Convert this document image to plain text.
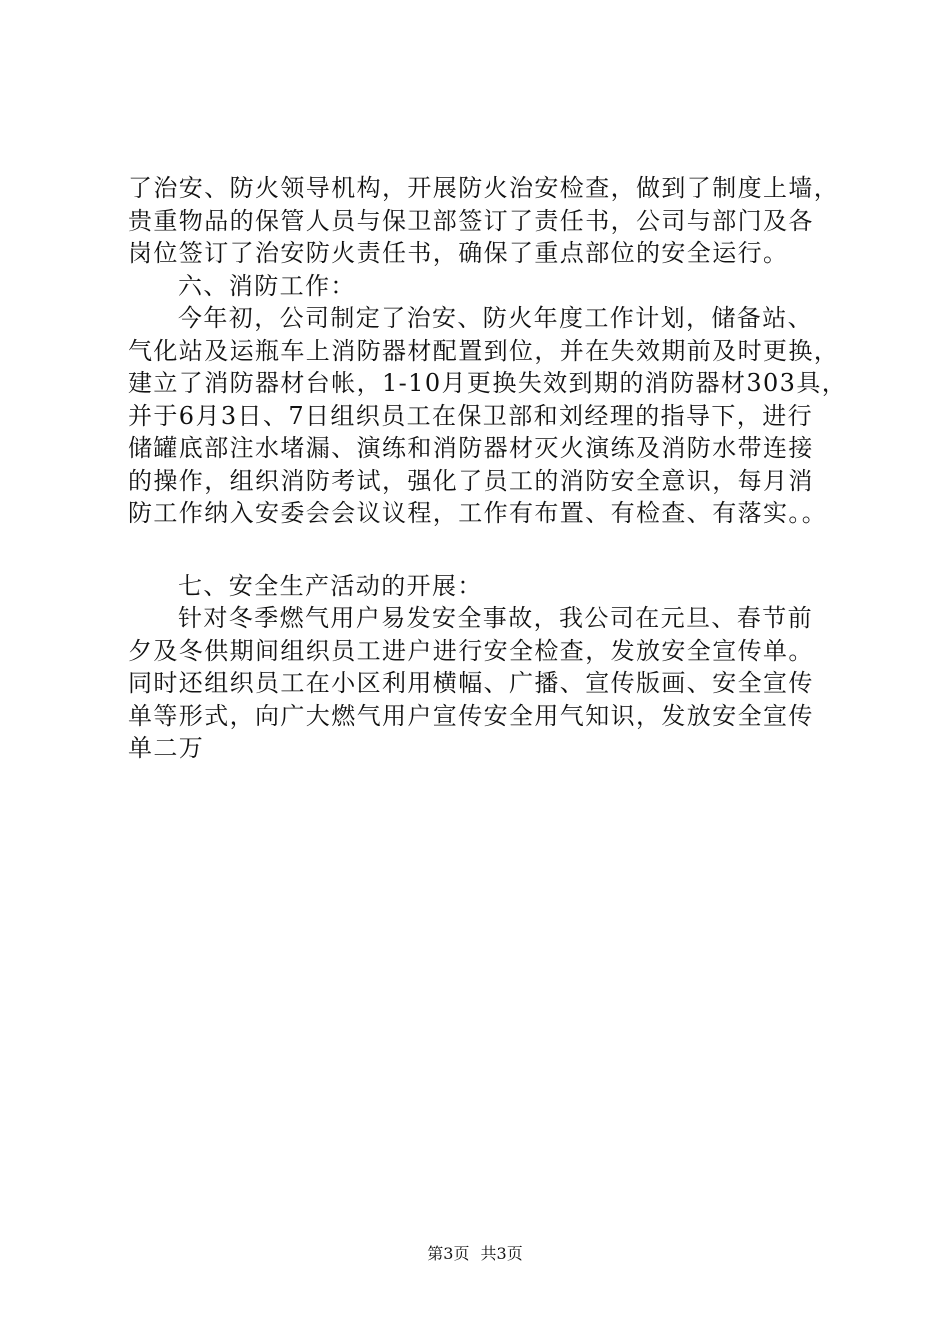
了治安、防火领导机构，开展防火治安检查，做到了制度上墙，
贵重物品的保管人员与保卫部签订了责任书，公司与部门及各
岗位签订了治安防火责任书，确保了重点部位的安全运行。
六、消防工作：
今年初，公司制定了治安、防火年度工作计划，储备站、
气化站及运瓶车上消防器材配置到位，并在失效期前及时更换，
建立了消防器材台帐，1-10月更换失效到期的消防器材303具，
并于6月3日、7日组织员工在保卫部和刘经理的指导下，进行
储罐底部注水堵漏、演练和消防器材灭火演练及消防水带连接
的操作，组织消防考试，强化了员工的消防安全意识，每月消
防工作纳入安委会会议议程，工作有布置、有检查、有落实。。
七、安全生产活动的开展：
针对冬季燃气用户易发安全事故，我公司在元旦、春节前
夕及冬供期间组织员工进户进行安全检查，发放安全宣传单。
同时还组织员工在小区利用横幅、广播、宣传版画、安全宣传
单等形式，向广大燃气用户宣传安全用气知识，发放安全宣传
单二万
第3页 共3页
